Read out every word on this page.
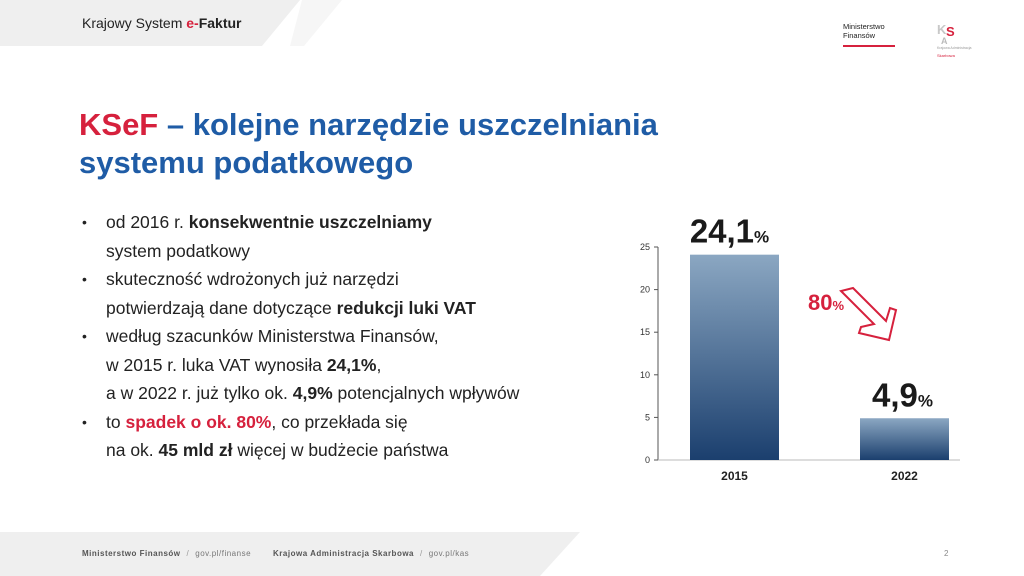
Krajowy System e-Faktur	Ministerstwo
Finansów	K S
A
Krajowa Administracja
Skarbowa
KSeF – kolejne narzędzie uszczelniania
systemu podatkowego
• od 2016 r. konsekwentnie uszczelniamy
system podatkowy
• skuteczność wdrożonych już narzędzi
potwierdzają dane dotyczące redukcji luki VAT
• według szacunków Ministerstwa Finansów,
w 2015 r. luka VAT wynosiła 24,1%,
a w 2022 r. już tylko ok. 4,9% potencjalnych wpływów
• to spadek o ok. 80%, co przekłada się
na ok. 45 mld zł więcej w budżecie państwa	0
5
10
15
20
25
2015
24,1%
2022
4,9%
80%
Ministerstwo Finansów / gov.pl/finanse	Krajowa Administracja Skarbowa / gov.pl/kas	2
